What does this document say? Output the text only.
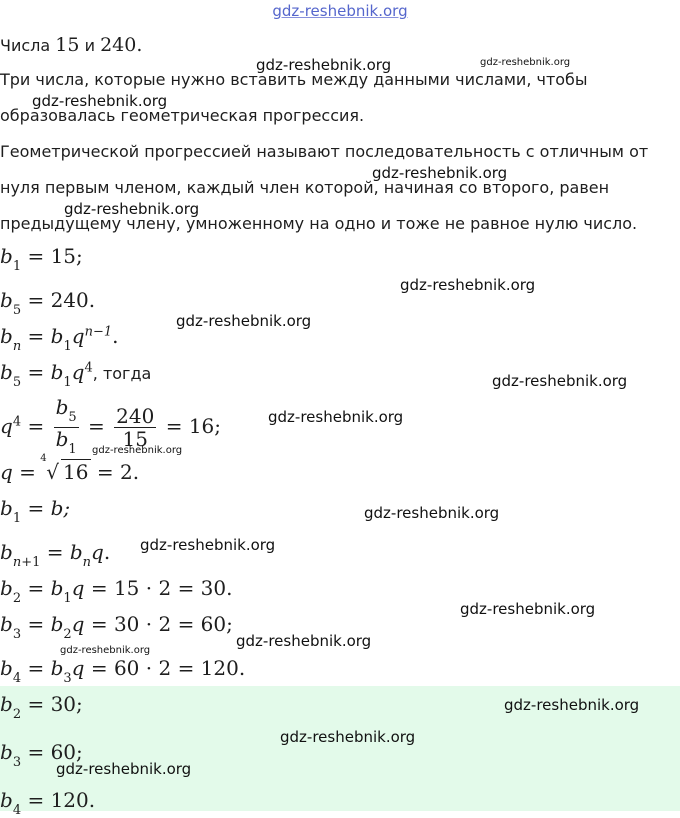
gdz-reshebnik.org
Числа 15 и 240.
Три числа, которые нужно вставить между данными числами, чтобы
образовалась геометрическая прогрессия.
Геометрической прогрессией называют последовательность с отличным от
нуля первым членом, каждый член которой, начиная со второго, равен
предыдущему члену, умноженному на одно и тоже не равное нулю число.
$b_1 = 15$;
$b_5 = 240$.
$b_n = b_1q^{n-1}$.
$b_5 = b_1q^4$, тогда
$q^4 = \frac{b_5}{b_1} = \frac{240}{15} = 16$;
q =
4
√ 16 = 2.
$b_1 = b$;
$b_{n+1} = b_nq$.
$b_2 = b_1q = 15 \cdot 2 = 30$.
$b_3 = b_2q = 30 \cdot 2 = 60$;
$b_4 = b_3q = 60 \cdot 2 = 120$.
$b_2 = 30$;
$b_3 = 60$;
$b_4 = 120$.
gdz-reshebnik.org	gdz-reshebnik.org
gdz-reshebnik.org
gdz-reshebnik.org
gdz-reshebnik.org
gdz-reshebnik.org
gdz-reshebnik.org
gdz-reshebnik.org
gdz-reshebnik.org
gdz-reshebnik.org
gdz-reshebnik.org
gdz-reshebnik.org
gdz-reshebnik.org
gdz-reshebnik.org
gdz-reshebnik.org
gdz-reshebnik.org
gdz-reshebnik.org
gdz-reshebnik.org
